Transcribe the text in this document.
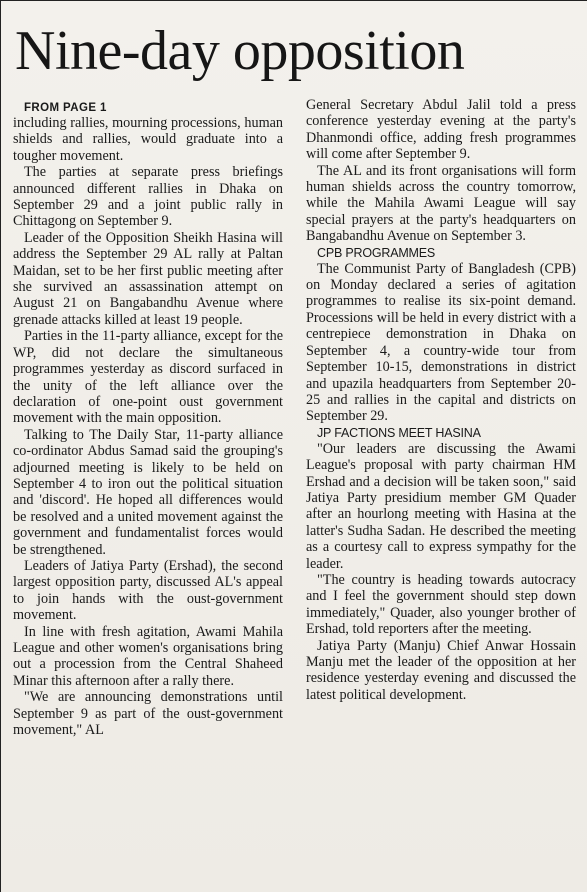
Nine-day opposition

FROM PAGE 1

including rallies, mourning processions, human shields and rallies, would graduate into a tougher movement.

The parties at separate press briefings announced different rallies in Dhaka on September 29 and a joint public rally in Chittagong on September 9.

Leader of the Opposition Sheikh Hasina will address the September 29 AL rally at Paltan Maidan, set to be her first public meeting after she survived an assassination attempt on August 21 on Bangabandhu Avenue where grenade attacks killed at least 19 people.

Parties in the 11-party alliance, except for the WP, did not declare the simultaneous programmes yesterday as discord surfaced in the unity of the left alliance over the declaration of one-point oust government movement with the main opposition.

Talking to The Daily Star, 11-party alliance co-ordinator Abdus Samad said the grouping's adjourned meeting is likely to be held on September 4 to iron out the political situation and 'discord'. He hoped all differences would be resolved and a united movement against the government and fundamentalist forces would be strengthened.

Leaders of Jatiya Party (Ershad), the second largest opposition party, discussed AL's appeal to join hands with the oust-government movement.

In line with fresh agitation, Awami Mahila League and other women's organisations bring out a procession from the Central Shaheed Minar this afternoon after a rally there.

"We are announcing demonstrations until September 9 as part of the oust-government movement," AL

General Secretary Abdul Jalil told a press conference yesterday evening at the party's Dhanmondi office, adding fresh programmes will come after September 9.

The AL and its front organisations will form human shields across the country tomorrow, while the Mahila Awami League will say special prayers at the party's headquarters on Bangabandhu Avenue on September 3.

CPB PROGRAMMES

The Communist Party of Bangladesh (CPB) on Monday declared a series of agitation programmes to realise its six-point demand. Processions will be held in every district with a centrepiece demonstration in Dhaka on September 4, a country-wide tour from September 10-15, demonstrations in district and upazila headquarters from September 20-25 and rallies in the capital and districts on September 29.

JP FACTIONS MEET HASINA

"Our leaders are discussing the Awami League's proposal with party chairman HM Ershad and a decision will be taken soon," said Jatiya Party presidium member GM Quader after an hourlong meeting with Hasina at the latter's Sudha Sadan. He described the meeting as a courtesy call to express sympathy for the leader.

"The country is heading towards autocracy and I feel the government should step down immediately," Quader, also younger brother of Ershad, told reporters after the meeting.

Jatiya Party (Manju) Chief Anwar Hossain Manju met the leader of the opposition at her residence yesterday evening and discussed the latest political development.
